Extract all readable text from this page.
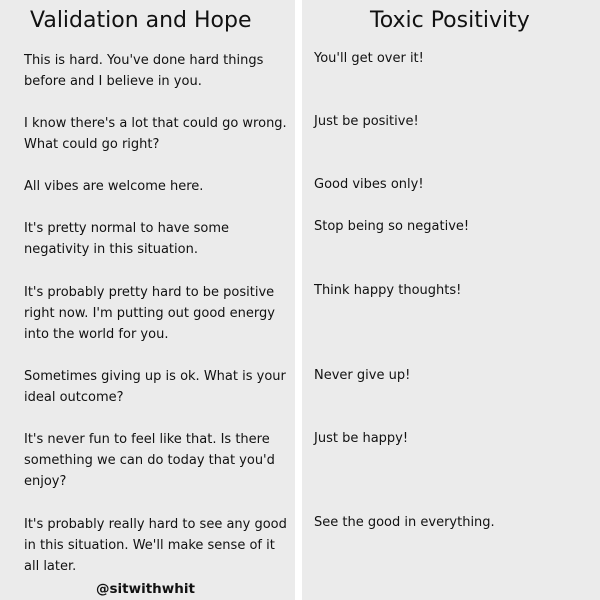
Validation and Hope
This is hard. You've done hard things
before and I believe in you.
I know there's a lot that could go wrong.
What could go right?
All vibes are welcome here.
It's pretty normal to have some
negativity in this situation.
It's probably pretty hard to be positive
right now. I'm putting out good energy
into the world for you.
Sometimes giving up is ok. What is your
ideal outcome?
It's never fun to feel like that. Is there
something we can do today that you'd
enjoy?
It's probably really hard to see any good
in this situation. We'll make sense of it
all later.
@sitwithwhit
Toxic Positivity
You'll get over it!
Just be positive!
Good vibes only!
Stop being so negative!
Think happy thoughts!
Never give up!
Just be happy!
See the good in everything.
